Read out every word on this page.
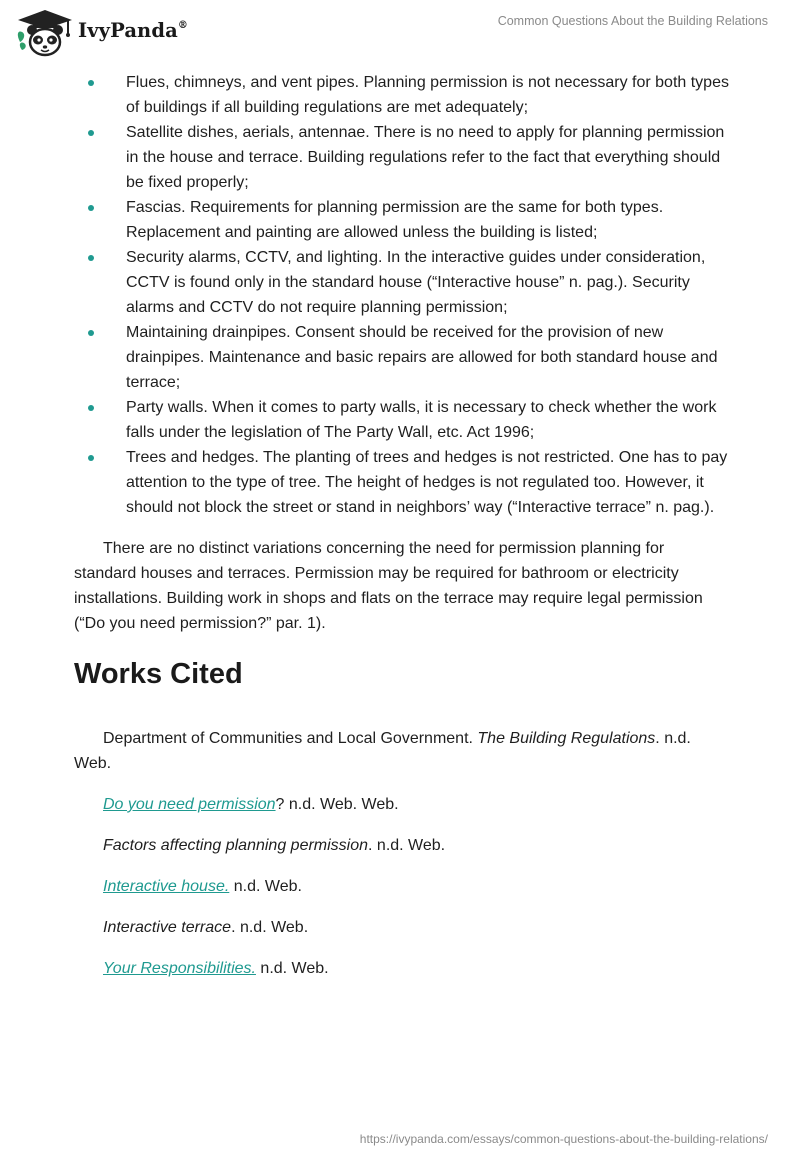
IvyPanda®	Common Questions About the Building Relations
Flues, chimneys, and vent pipes. Planning permission is not necessary for both types of buildings if all building regulations are met adequately;
Satellite dishes, aerials, antennae. There is no need to apply for planning permission in the house and terrace. Building regulations refer to the fact that everything should be fixed properly;
Fascias. Requirements for planning permission are the same for both types. Replacement and painting are allowed unless the building is listed;
Security alarms, CCTV, and lighting. In the interactive guides under consideration, CCTV is found only in the standard house (“Interactive house” n. pag.). Security alarms and CCTV do not require planning permission;
Maintaining drainpipes. Consent should be received for the provision of new drainpipes. Maintenance and basic repairs are allowed for both standard house and terrace;
Party walls. When it comes to party walls, it is necessary to check whether the work falls under the legislation of The Party Wall, etc. Act 1996;
Trees and hedges. The planting of trees and hedges is not restricted. One has to pay attention to the type of tree. The height of hedges is not regulated too. However, it should not block the street or stand in neighbors’ way (“Interactive terrace” n. pag.).

There are no distinct variations concerning the need for permission planning for standard houses and terraces. Permission may be required for bathroom or electricity installations. Building work in shops and flats on the terrace may require legal permission (“Do you need permission?” par. 1).

Works Cited

Department of Communities and Local Government. The Building Regulations. n.d. Web.

Do you need permission? n.d. Web. Web.

Factors affecting planning permission. n.d. Web.

Interactive house. n.d. Web.

Interactive terrace. n.d. Web.

Your Responsibilities. n.d. Web.

https://ivypanda.com/essays/common-questions-about-the-building-relations/
